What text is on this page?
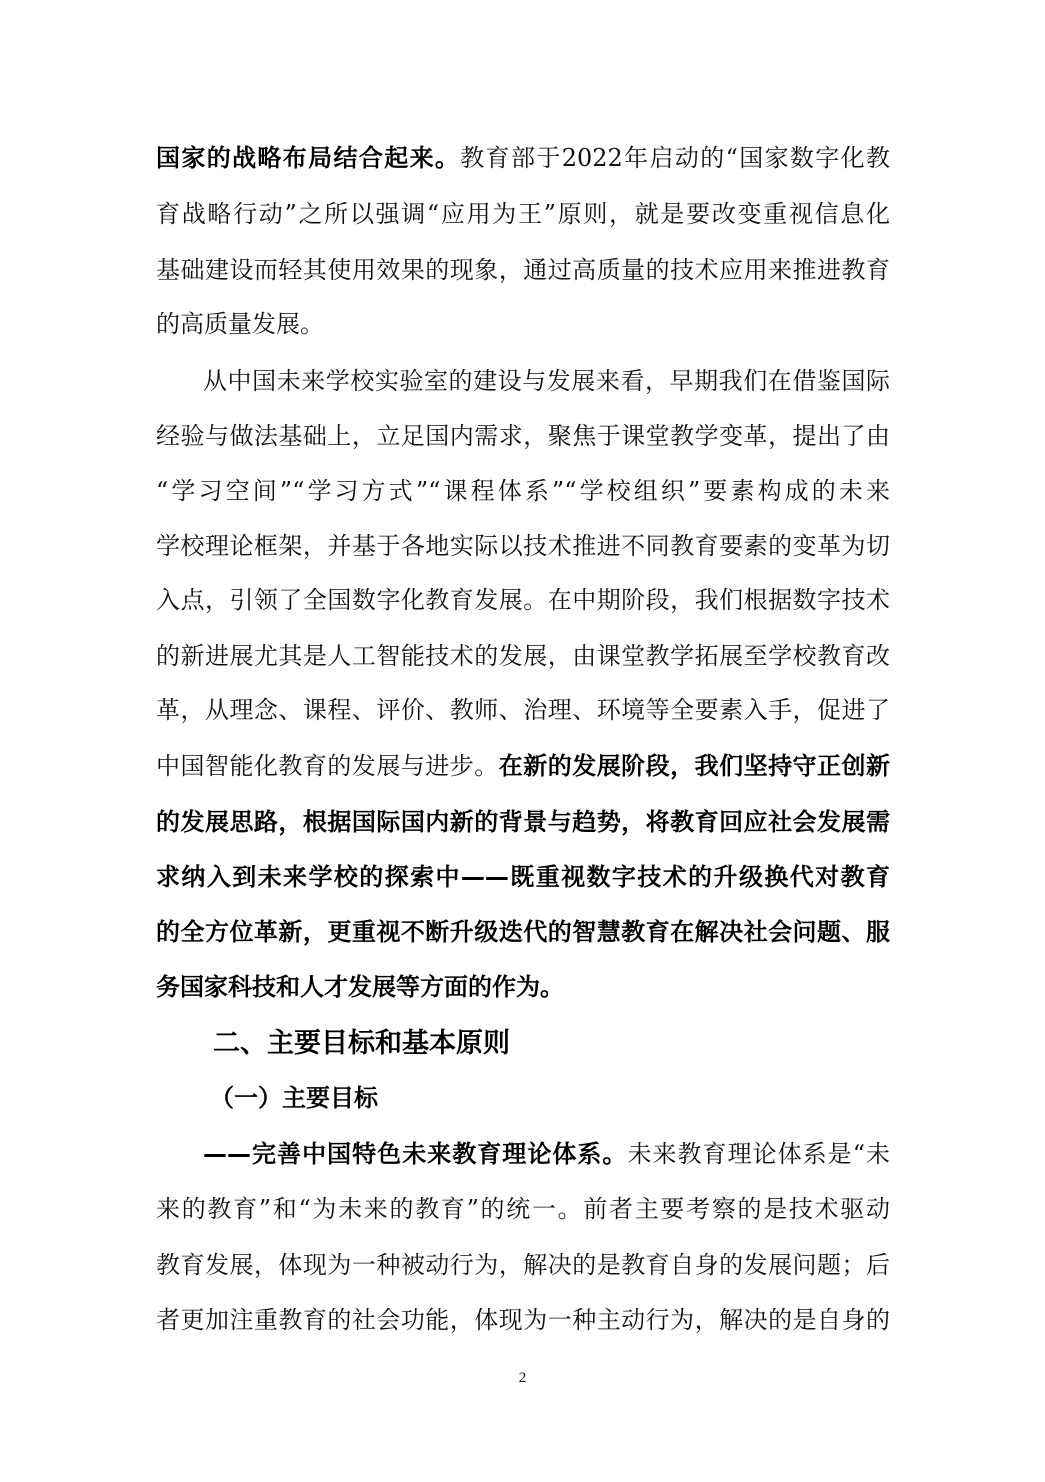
国家的战略布局结合起来。教育部于2022年启动的“国家数字化教
育战略行动”之所以强调“应用为王”原则，就是要改变重视信息化
基础建设而轻其使用效果的现象，通过高质量的技术应用来推进教育
的高质量发展。
从中国未来学校实验室的建设与发展来看，早期我们在借鉴国际
经验与做法基础上，立足国内需求，聚焦于课堂教学变革，提出了由
“学习空间”“学习方式”“课程体系”“学校组织”要素构成的未来
学校理论框架，并基于各地实际以技术推进不同教育要素的变革为切
入点，引领了全国数字化教育发展。在中期阶段，我们根据数字技术
的新进展尤其是人工智能技术的发展，由课堂教学拓展至学校教育改
革，从理念、课程、评价、教师、治理、环境等全要素入手，促进了
中国智能化教育的发展与进步。在新的发展阶段，我们坚持守正创新
的发展思路，根据国际国内新的背景与趋势，将教育回应社会发展需
求纳入到未来学校的探索中——既重视数字技术的升级换代对教育
的全方位革新，更重视不断升级迭代的智慧教育在解决社会问题、服
务国家科技和人才发展等方面的作为。
二、主要目标和基本原则
（一）主要目标
——完善中国特色未来教育理论体系。未来教育理论体系是“未
来的教育”和“为未来的教育”的统一。前者主要考察的是技术驱动
教育发展，体现为一种被动行为，解决的是教育自身的发展问题；后
者更加注重教育的社会功能，体现为一种主动行为，解决的是自身的
2
